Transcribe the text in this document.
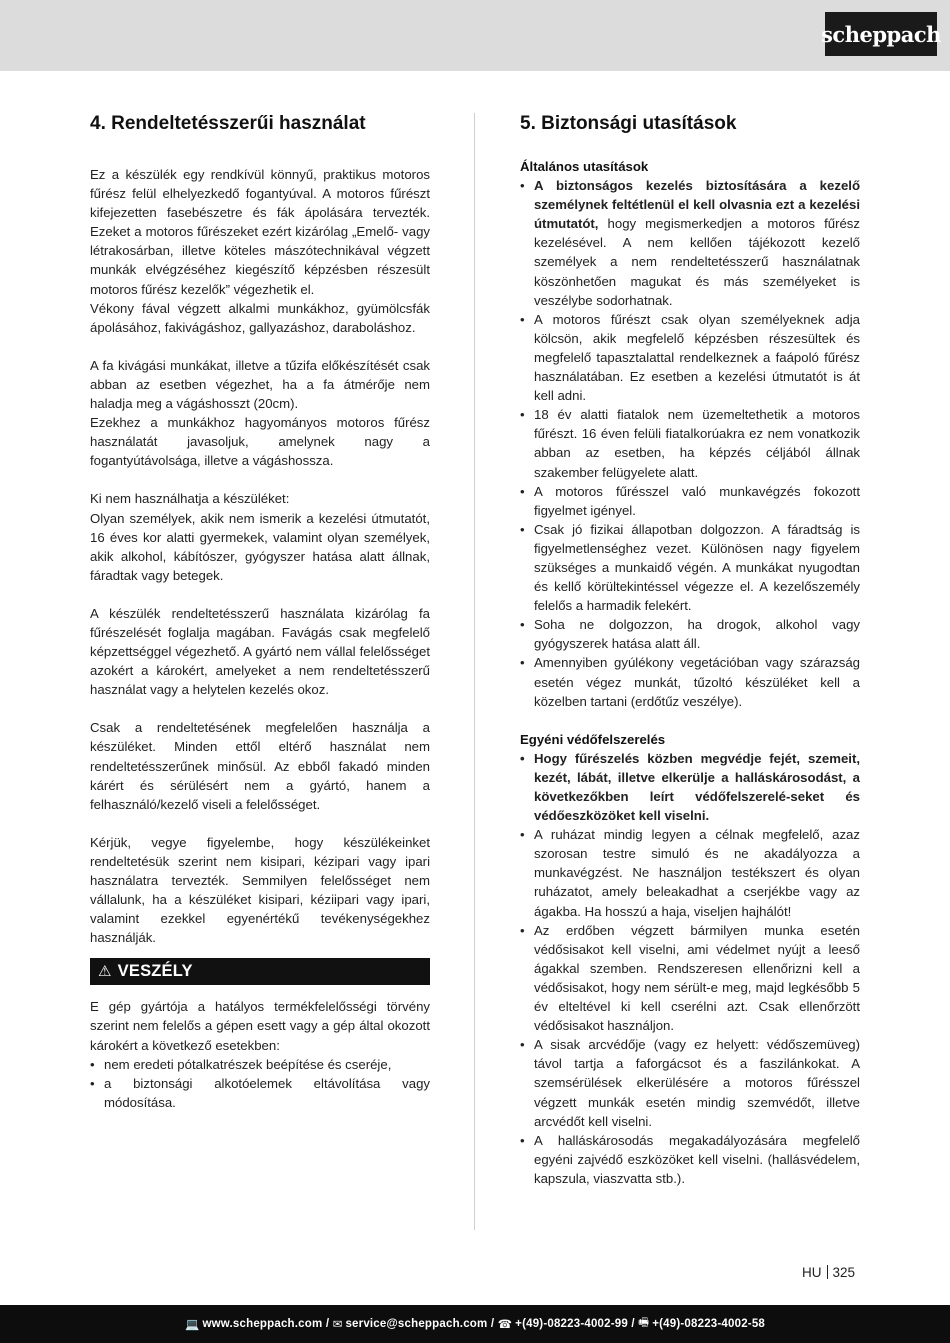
scheppach
4. Rendeltetésszerűi használat

Ez a készülék egy rendkívül könnyű, praktikus motoros fűrész felül elhelyezkedő fogantyúval. A motoros fűrészt kifejezetten fasebészetre és fák ápolására tervezték. Ezeket a motoros fűrészeket ezért kizárólag „Emelő- vagy létrakosárban, illetve köteles mászótechnikával végzett munkák elvégzéséhez kiegészítő képzésben részesült motoros fűrész kezelők” végezhetik el.

Vékony fával végzett alkalmi munkákhoz, gyümölcsfák ápolásához, fakivágáshoz, gallyazáshoz, daraboláshoz.

A fa kivágási munkákat, illetve a tűzifa előkészítését csak abban az esetben végezhet, ha a fa átmérője nem haladja meg a vágáshosszt (20cm).

Ezekhez a munkákhoz hagyományos motoros fűrész használatát javasoljuk, amelynek nagy a fogantyútávolsága, illetve a vágáshossza.

Ki nem használhatja a készüléket:

Olyan személyek, akik nem ismerik a kezelési útmutatót, 16 éves kor alatti gyermekek, valamint olyan személyek, akik alkohol, kábítószer, gyógyszer hatása alatt állnak, fáradtak vagy betegek.

A készülék rendeltetésszerű használata kizárólag fa fűrészelését foglalja magában. Favágás csak megfelelő képzettséggel végezhető. A gyártó nem vállal felelősséget azokért a károkért, amelyeket a nem rendeltetésszerű használat vagy a helytelen kezelés okoz.

Csak a rendeltetésének megfelelően használja a készüléket. Minden ettől eltérő használat nem rendeltetésszerűnek minősül. Az ebből fakadó minden kárért és sérülésért nem a gyártó, hanem a felhasználó/kezelő viseli a felelősséget.

Kérjük, vegye figyelembe, hogy készülékeinket rendeltetésük szerint nem kisipari, kézipari vagy ipari használatra tervezték. Semmilyen felelősséget nem vállalunk, ha a készüléket kisipari, kéziipari vagy ipari, valamint ezekkel egyenértékű tevékenységekhez használják.

⚠ VESZÉLY

E gép gyártója a hatályos termékfelelősségi törvény szerint nem felelős a gépen esett vagy a gép által okozott károkért a következő esetekben:

• nem eredeti pótalkatrészek beépítése és cseréje,
• a biztonsági alkotóelemek eltávolítása vagy módosítása.
5. Biztonsági utasítások
Általános utasítások
• A biztonságos kezelés biztosítására a kezelő személynek feltétlenül el kell olvasnia ezt a kezelési útmutatót, hogy megismerkedjen a motoros fűrész kezelésével. A nem kellően tájékozott kezelő személyek a nem rendeltetésszerű használatnak köszönhetően magukat és más személyeket is veszélybe sodorhatnak.
• A motoros fűrészt csak olyan személyeknek adja kölcsön, akik megfelelő képzésben részesültek és megfelelő tapasztalattal rendelkeznek a faápoló fűrész használatában. Ez esetben a kezelési útmutatót is át kell adni.
• 18 év alatti fiatalok nem üzemeltethetik a motoros fűrészt. 16 éven felüli fiatalkorúakra ez nem vonatkozik abban az esetben, ha képzés céljából állnak szakember felügyelete alatt.
• A motoros fűrésszel való munkavégzés fokozott figyelmet igényel.
• Csak jó fizikai állapotban dolgozzon. A fáradtság is figyelmetlenséghez vezet. Különösen nagy figyelem szükséges a munkaidő végén. A munkákat nyugodtan és kellő körültekintéssel végezze el. A kezelőszemély felelős a harmadik felekért.
• Soha ne dolgozzon, ha drogok, alkohol vagy gyógyszerek hatása alatt áll.
• Amennyiben gyúlékony vegetációban vagy szárazság esetén végez munkát, tűzoltó készüléket kell a közelben tartani (erdőtűz veszélye).
Egyéni védőfelszerelés
• Hogy fűrészelés közben megvédje fejét, szemeit, kezét, lábát, illetve elkerülje a halláskárosodást, a következőkben leírt védőfelszerelé-seket és védőeszközöket kell viselni.
• A ruházat mindig legyen a célnak megfelelő, azaz szorosan testre simuló és ne akadályozza a munkavégzést. Ne használjon testékszert és olyan ruházatot, amely beleakadhat a cserjékbe vagy az ágakba. Ha hosszú a haja, viseljen hajhálót!
• Az erdőben végzett bármilyen munka esetén védősisakot kell viselni, ami védelmet nyújt a leeső ágakkal szemben. Rendszeresen ellenőrizni kell a védősisakot, hogy nem sérült-e meg, majd legkésőbb 5 év elteltével ki kell cserélni azt. Csak ellenőrzött védősisakot használjon.
• A sisak arcvédője (vagy ez helyett: védőszemüveg) távol tartja a faforgácsot és a faszilánkokat. A szemsérülések elkerülésére a motoros fűrésszel végzett munkák esetén mindig szemvédőt, illetve arcvédőt kell viselni.
• A halláskárosodás megakadályozására megfelelő egyéni zajvédő eszközöket kell viselni. (hallásvédelem, kapszula, viaszvatta stb.).
HU 325
💻 www.scheppach.com / ✉ service@scheppach.com / ☎ +(49)-08223-4002-99 / 🖷 +(49)-08223-4002-58
